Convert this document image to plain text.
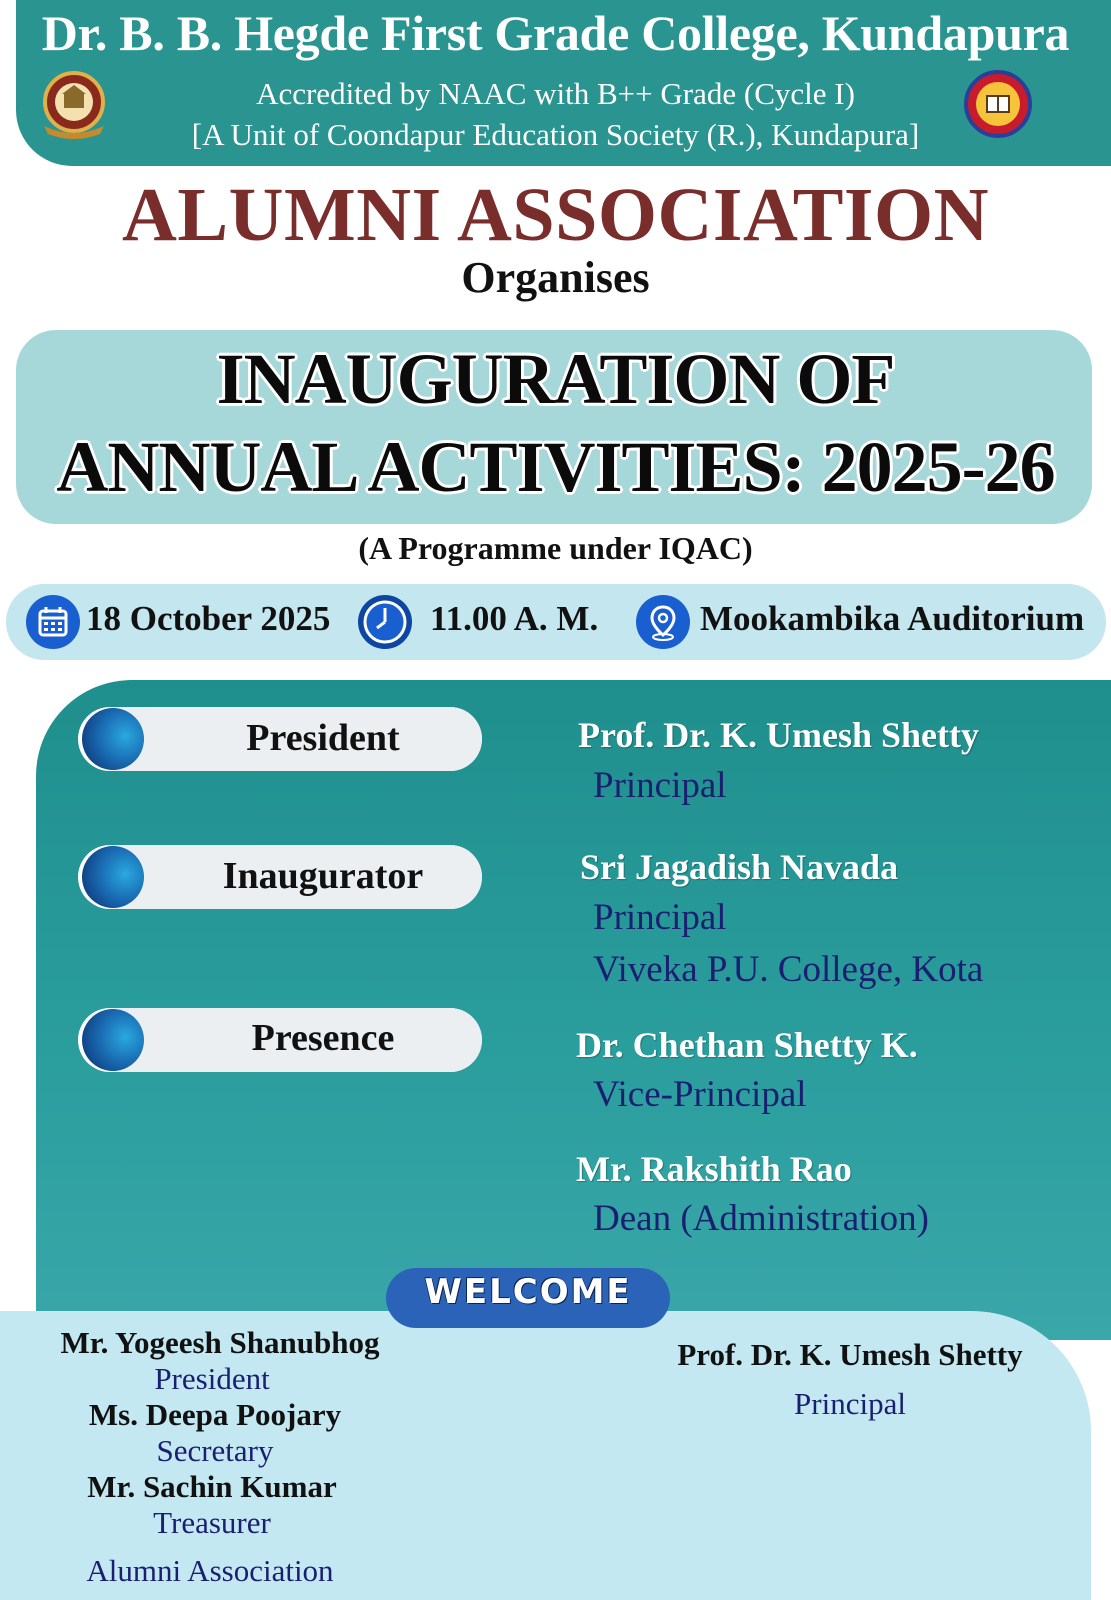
Dr. B. B. Hegde First Grade College, Kundapura
Accredited by NAAC with B++ Grade (Cycle I)
[A Unit of Coondapur Education Society (R.), Kundapura]
ALUMNI ASSOCIATION
Organises
INAUGURATION OF
ANNUAL ACTIVITIES: 2025-26
(A Programme under IQAC)
18 October 2025	11.00 A. M.	Mookambika Auditorium
President
Inaugurator
Presence
Prof. Dr. K. Umesh Shetty
Principal
Sri Jagadish Navada
Principal
Viveka P.U. College, Kota
Dr. Chethan Shetty K.
Vice-Principal
Mr. Rakshith Rao
Dean (Administration)
WELCOME
Mr. Yogeesh Shanubhog
President
Ms. Deepa Poojary
Secretary
Mr. Sachin Kumar
Treasurer
Alumni Association
Prof. Dr. K. Umesh Shetty
Principal
